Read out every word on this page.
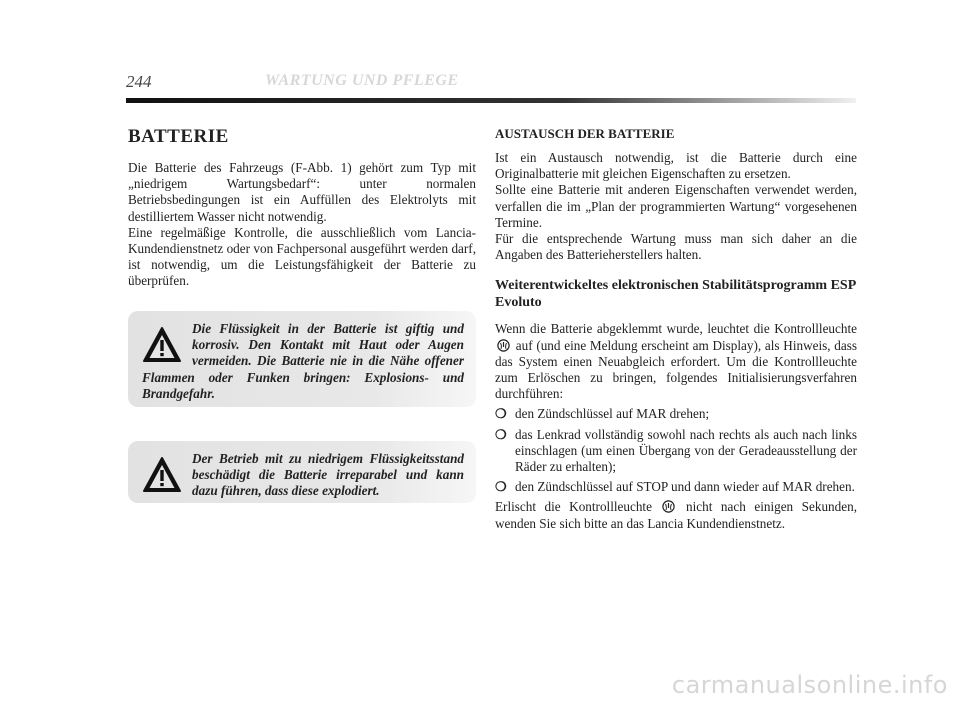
244	WARTUNG UND PFLEGE
BATTERIE

Die Batterie des Fahrzeugs (F-Abb. 1) gehört zum Typ mit „niedrigem Wartungsbedarf“: unter normalen Betriebsbedingungen ist ein Auffüllen des Elektrolyts mit destilliertem Wasser nicht notwendig.

Eine regelmäßige Kontrolle, die ausschließlich vom Lancia-Kundendienstnetz oder von Fachpersonal ausgeführt werden darf, ist notwendig, um die Leistungsfähigkeit der Batterie zu überprüfen.

Die Flüssigkeit in der Batterie ist giftig und korrosiv. Den Kontakt mit Haut oder Augen vermeiden. Die Batterie nie in die Nähe offener Flammen oder Funken bringen: Explosions- und Brandgefahr.

Der Betrieb mit zu niedrigem Flüssigkeitsstand beschädigt die Batterie irreparabel und kann dazu führen, dass diese explodiert.

AUSTAUSCH DER BATTERIE

Ist ein Austausch notwendig, ist die Batterie durch eine Originalbatterie mit gleichen Eigenschaften zu ersetzen.

Sollte eine Batterie mit anderen Eigenschaften verwendet werden, verfallen die im „Plan der programmierten Wartung“ vorgesehenen Termine.

Für die entsprechende Wartung muss man sich daher an die Angaben des Batterieherstellers halten.

Weiterentwickeltes elektronischen Stabilitätsprogramm ESP Evoluto

Wenn die Batterie abgeklemmt wurde, leuchtet die Kontrollleuchte  auf (und eine Meldung erscheint am Display), als Hinweis, dass das System einen Neuabgleich erfordert. Um die Kontrollleuchte zum Erlöschen zu bringen, folgendes Initialisierungsverfahren durchführen:

❍ den Zündschlüssel auf MAR drehen;
❍ das Lenkrad vollständig sowohl nach rechts als auch nach links einschlagen (um einen Übergang von der Geradeausstellung der Räder zu erhalten);
❍ den Zündschlüssel auf STOP und dann wieder auf MAR drehen.

Erlischt die Kontrollleuchte	nicht nach einigen Sekunden, wenden Sie sich bitte an das Lancia Kundendienstnetz.

carmanualsonline.info
